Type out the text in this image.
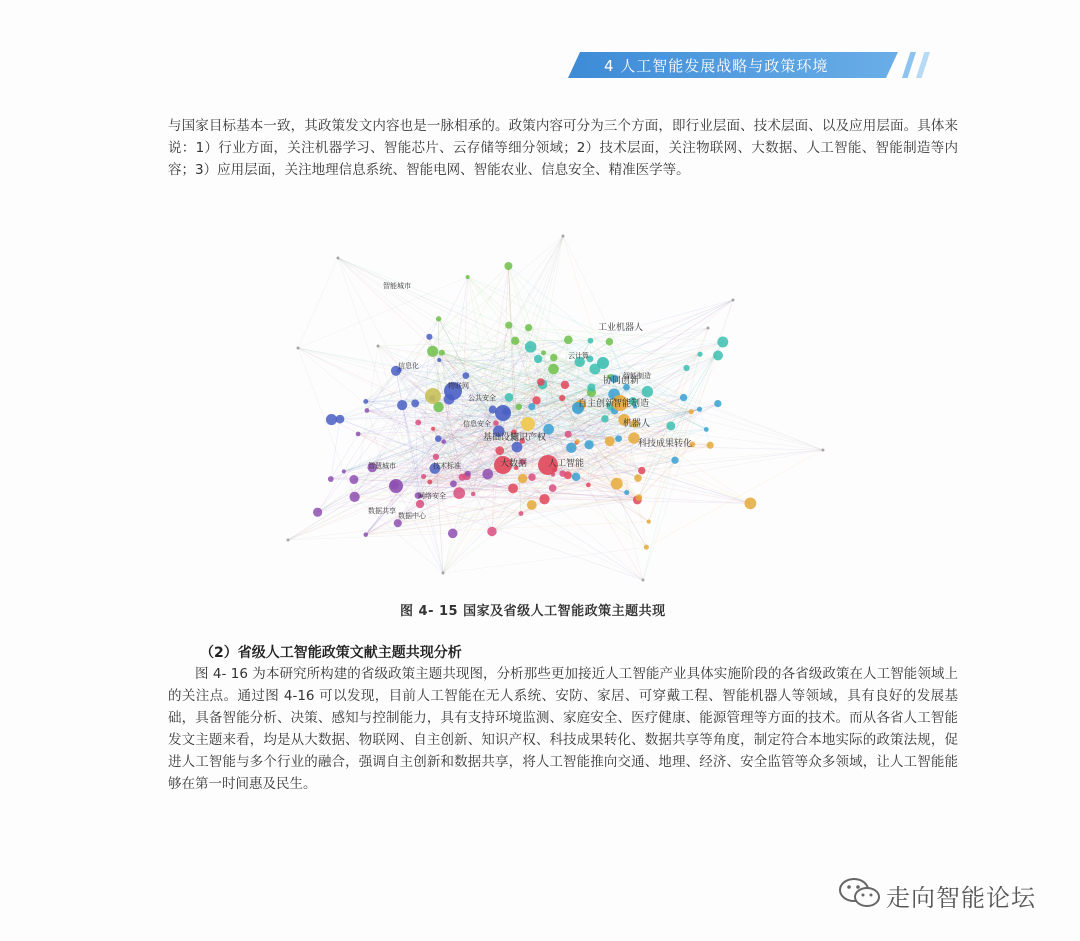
4 人工智能发展战略与政策环境
与国家目标基本一致，其政策发文内容也是一脉相承的。政策内容可分为三个方面，即行业层面、技术层面、以及应用层面。具体来说：1）行业方面，关注机器学习、智能芯片、云存储等细分领域；2）技术层面，关注物联网、大数据、人工智能、智能制造等内容；3）应用层面，关注地理信息系统、智能电网、智能农业、信息安全、精准医学等。
工业机器人
协同创新
智能制造
自主创新
机器人
科技成果转化
基础设施
知识产权
人工智能
大数据
技术标准
信息安全
公共安全
物联网
云计算
智能制造
智能城市
信息化
智慧城市
数据共享
数据中心
网络安全
图 4- 15 国家及省级人工智能政策主题共现
（2）省级人工智能政策文献主题共现分析
图 4- 16 为本研究所构建的省级政策主题共现图，分析那些更加接近人工智能产业具体实施阶段的各省级政策在人工智能领域上的关注点。通过图 4-16 可以发现，目前人工智能在无人系统、安防、家居、可穿戴工程、智能机器人等领域，具有良好的发展基础，具备智能分析、决策、感知与控制能力，具有支持环境监测、家庭安全、医疗健康、能源管理等方面的技术。而从各省人工智能发文主题来看，均是从大数据、物联网、自主创新、知识产权、科技成果转化、数据共享等角度，制定符合本地实际的政策法规，促进人工智能与多个行业的融合，强调自主创新和数据共享，将人工智能推向交通、地理、经济、安全监管等众多领域，让人工智能能够在第一时间惠及民生。
走向智能论坛
